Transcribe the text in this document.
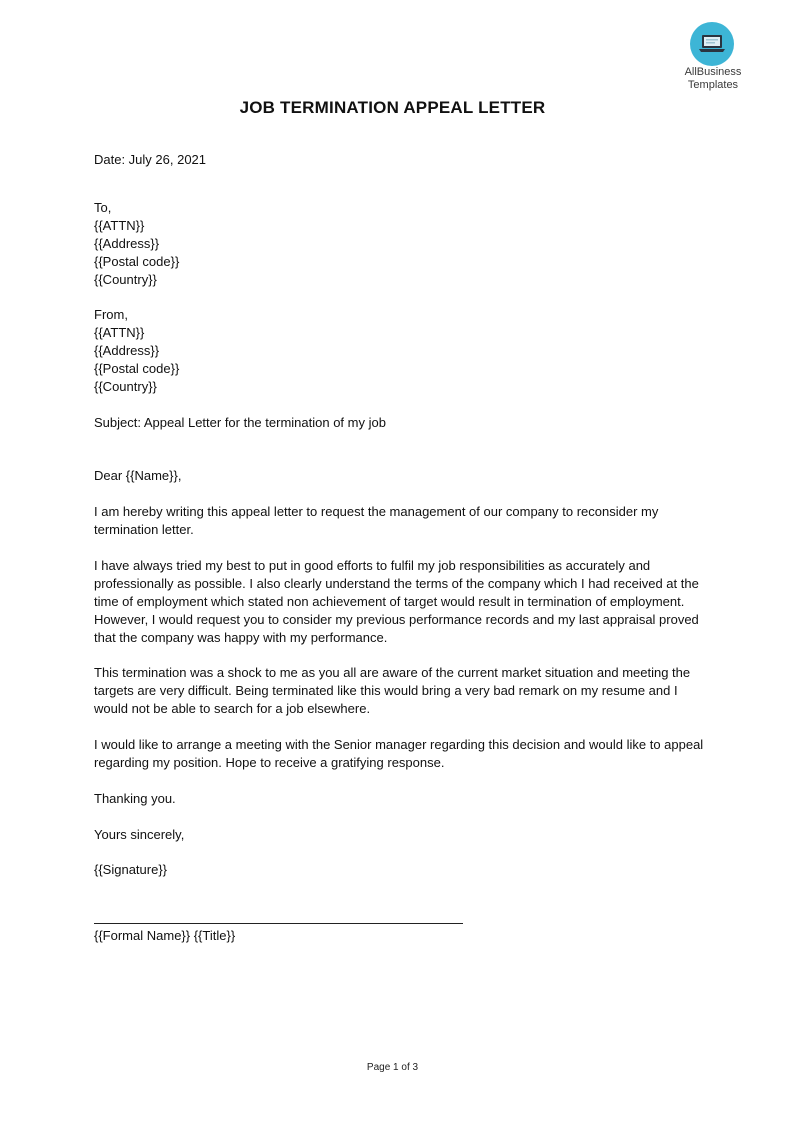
AllBusiness
Templates
JOB TERMINATION APPEAL LETTER
Date: July 26, 2021
To,
{{ATTN}}
{{Address}}
{{Postal code}}
{{Country}}
From,
{{ATTN}}
{{Address}}
{{Postal code}}
{{Country}}
Subject: Appeal Letter for the termination of my job
Dear {{Name}},
I am hereby writing this appeal letter to request the management of our company to reconsider my termination letter.
I have always tried my best to put in good efforts to fulfil my job responsibilities as accurately and professionally as possible. I also clearly understand the terms of the company which I had received at the time of employment which stated non achievement of target would result in termination of employment. However, I would request you to consider my previous performance records and my last appraisal proved that the company was happy with my performance.
This termination was a shock to me as you all are aware of the current market situation and meeting the targets are very difficult. Being terminated like this would bring a very bad remark on my resume and I would not be able to search for a job elsewhere.
I would like to arrange a meeting with the Senior manager regarding this decision and would like to appeal regarding my position. Hope to receive a gratifying response.
Thanking you.
Yours sincerely,
{{Signature}}
{{Formal Name}} {{Title}}
Page 1 of 3
